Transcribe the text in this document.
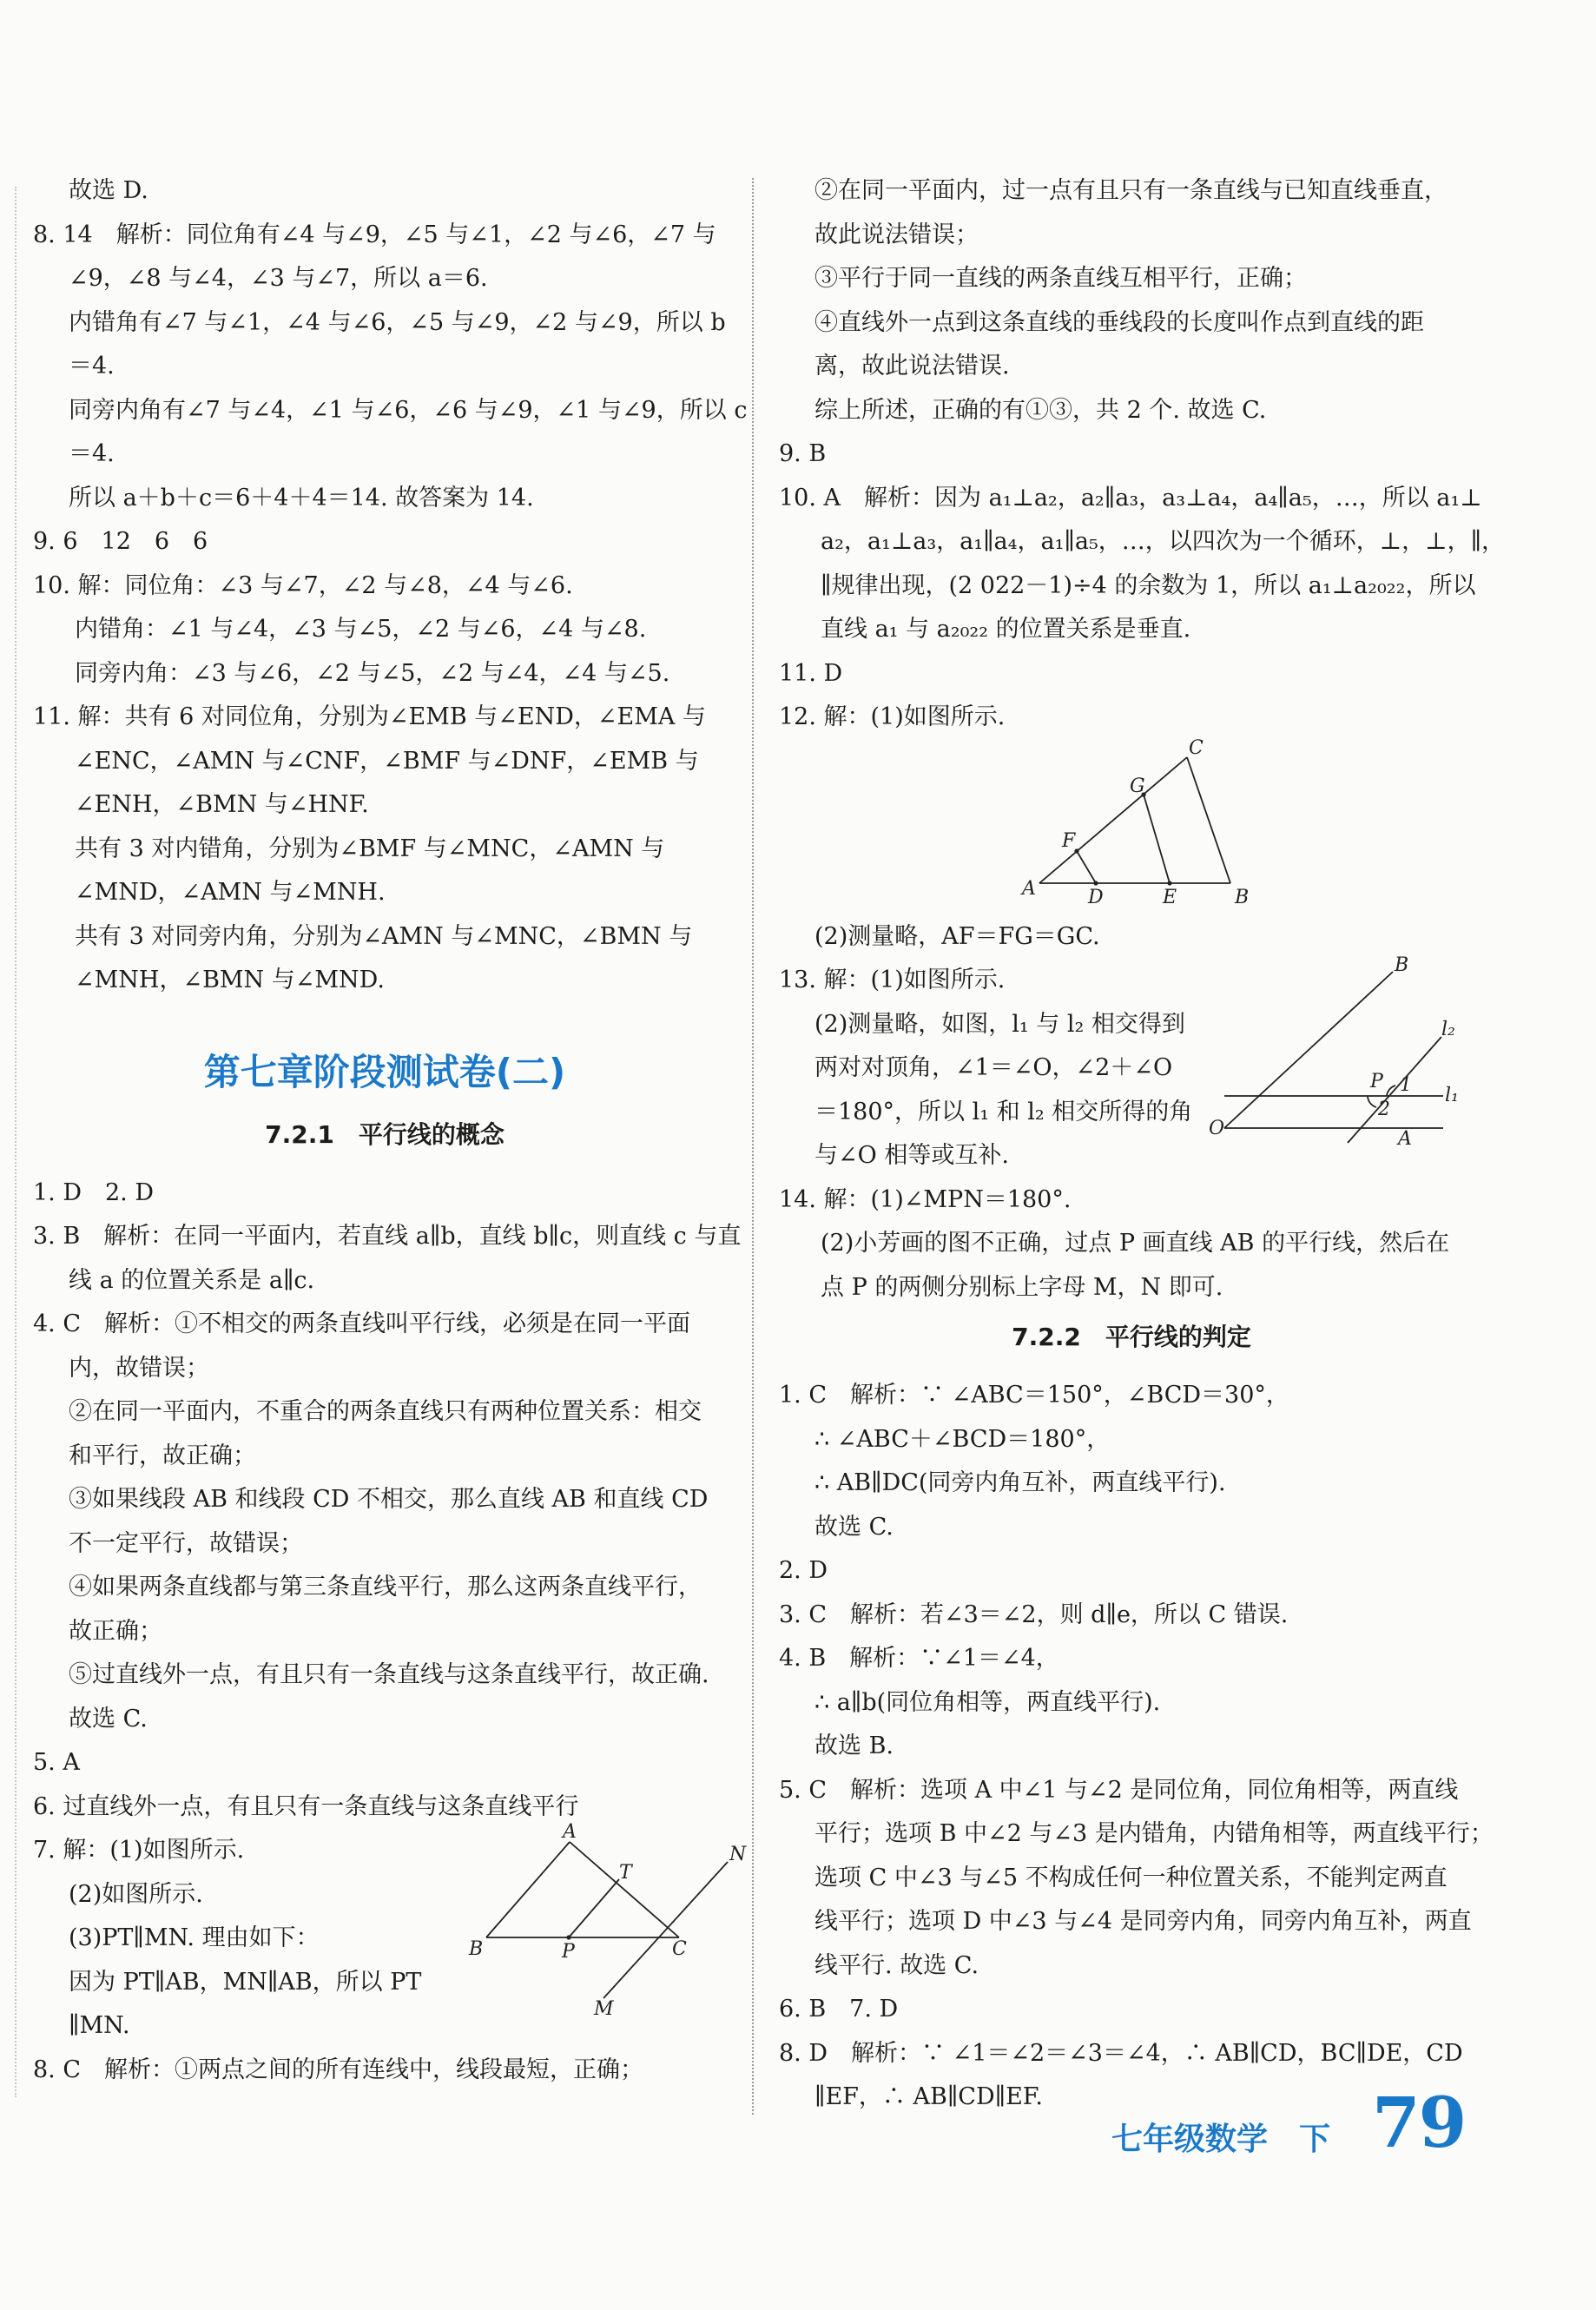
故选 D.
8. 14　解析：同位角有∠4 与∠9，∠5 与∠1，∠2 与∠6，∠7 与
∠9，∠8 与∠4，∠3 与∠7，所以 a＝6.
内错角有∠7 与∠1，∠4 与∠6，∠5 与∠9，∠2 与∠9，所以 b
＝4.
同旁内角有∠7 与∠4，∠1 与∠6，∠6 与∠9，∠1 与∠9，所以 c
＝4.
所以 a＋b＋c＝6＋4＋4＝14. 故答案为 14.
9. 6　12　6　6
10. 解：同位角：∠3 与∠7，∠2 与∠8，∠4 与∠6.
内错角：∠1 与∠4，∠3 与∠5，∠2 与∠6，∠4 与∠8.
同旁内角：∠3 与∠6，∠2 与∠5，∠2 与∠4，∠4 与∠5.
11. 解：共有 6 对同位角，分别为∠EMB 与∠END，∠EMA 与
∠ENC，∠AMN 与∠CNF，∠BMF 与∠DNF，∠EMB 与
∠ENH，∠BMN 与∠HNF.
共有 3 对内错角，分别为∠BMF 与∠MNC，∠AMN 与
∠MND，∠AMN 与∠MNH.
共有 3 对同旁内角，分别为∠AMN 与∠MNC，∠BMN 与
∠MNH，∠BMN 与∠MND.
第七章阶段测试卷(二)
7.2.1　平行线的概念
1. D　2. D
3. B　解析：在同一平面内，若直线 a∥b，直线 b∥c，则直线 c 与直
线 a 的位置关系是 a∥c.
4. C　解析：①不相交的两条直线叫平行线，必须是在同一平面
内，故错误；
②在同一平面内，不重合的两条直线只有两种位置关系：相交
和平行，故正确；
③如果线段 AB 和线段 CD 不相交，那么直线 AB 和直线 CD
不一定平行，故错误；
④如果两条直线都与第三条直线平行，那么这两条直线平行，
故正确；
⑤过直线外一点，有且只有一条直线与这条直线平行，故正确.
故选 C.
5. A
6. 过直线外一点，有且只有一条直线与这条直线平行
7. 解：(1)如图所示.
(2)如图所示.
(3)PT∥MN. 理由如下：
因为 PT∥AB，MN∥AB，所以 PT
∥MN.
A
T
N
B	P	C
M
8. C　解析：①两点之间的所有连线中，线段最短，正确；
②在同一平面内，过一点有且只有一条直线与已知直线垂直，
故此说法错误；
③平行于同一直线的两条直线互相平行，正确；
④直线外一点到这条直线的垂线段的长度叫作点到直线的距
离，故此说法错误.
综上所述，正确的有①③，共 2 个. 故选 C.
9. B
10. A　解析：因为 a₁⊥a₂，a₂∥a₃，a₃⊥a₄，a₄∥a₅，…，所以 a₁⊥
a₂，a₁⊥a₃，a₁∥a₄，a₁∥a₅，…，以四次为一个循环，⊥，⊥，∥，
∥规律出现，(2 022－1)÷4 的余数为 1，所以 a₁⊥a₂₀₂₂，所以
直线 a₁ 与 a₂₀₂₂ 的位置关系是垂直.
11. D
12. 解：(1)如图所示.
C
G
F
A	D	E	B
(2)测量略，AF＝FG＝GC.
13. 解：(1)如图所示.
(2)测量略，如图，l₁ 与 l₂ 相交得到
两对对顶角，∠1＝∠O，∠2＋∠O
＝180°，所以 l₁ 和 l₂ 相交所得的角
与∠O 相等或互补.
B
l₂
P 1 l₁
2
O	A
14. 解：(1)∠MPN＝180°.
(2)小芳画的图不正确，过点 P 画直线 AB 的平行线，然后在
点 P 的两侧分别标上字母 M，N 即可.
7.2.2　平行线的判定
1. C　解析：∵ ∠ABC＝150°，∠BCD＝30°，
∴ ∠ABC＋∠BCD＝180°，
∴ AB∥DC(同旁内角互补，两直线平行).
故选 C.
2. D
3. C　解析：若∠3＝∠2，则 d∥e，所以 C 错误.
4. B　解析：∵∠1＝∠4，
∴ a∥b(同位角相等，两直线平行).
故选 B.
5. C　解析：选项 A 中∠1 与∠2 是同位角，同位角相等，两直线
平行；选项 B 中∠2 与∠3 是内错角，内错角相等，两直线平行；
选项 C 中∠3 与∠5 不构成任何一种位置关系，不能判定两直
线平行；选项 D 中∠3 与∠4 是同旁内角，同旁内角互补，两直
线平行. 故选 C.
6. B　7. D
8. D　解析：∵ ∠1＝∠2＝∠3＝∠4，∴ AB∥CD，BC∥DE，CD
∥EF，∴ AB∥CD∥EF.
七年级数学　下 79
